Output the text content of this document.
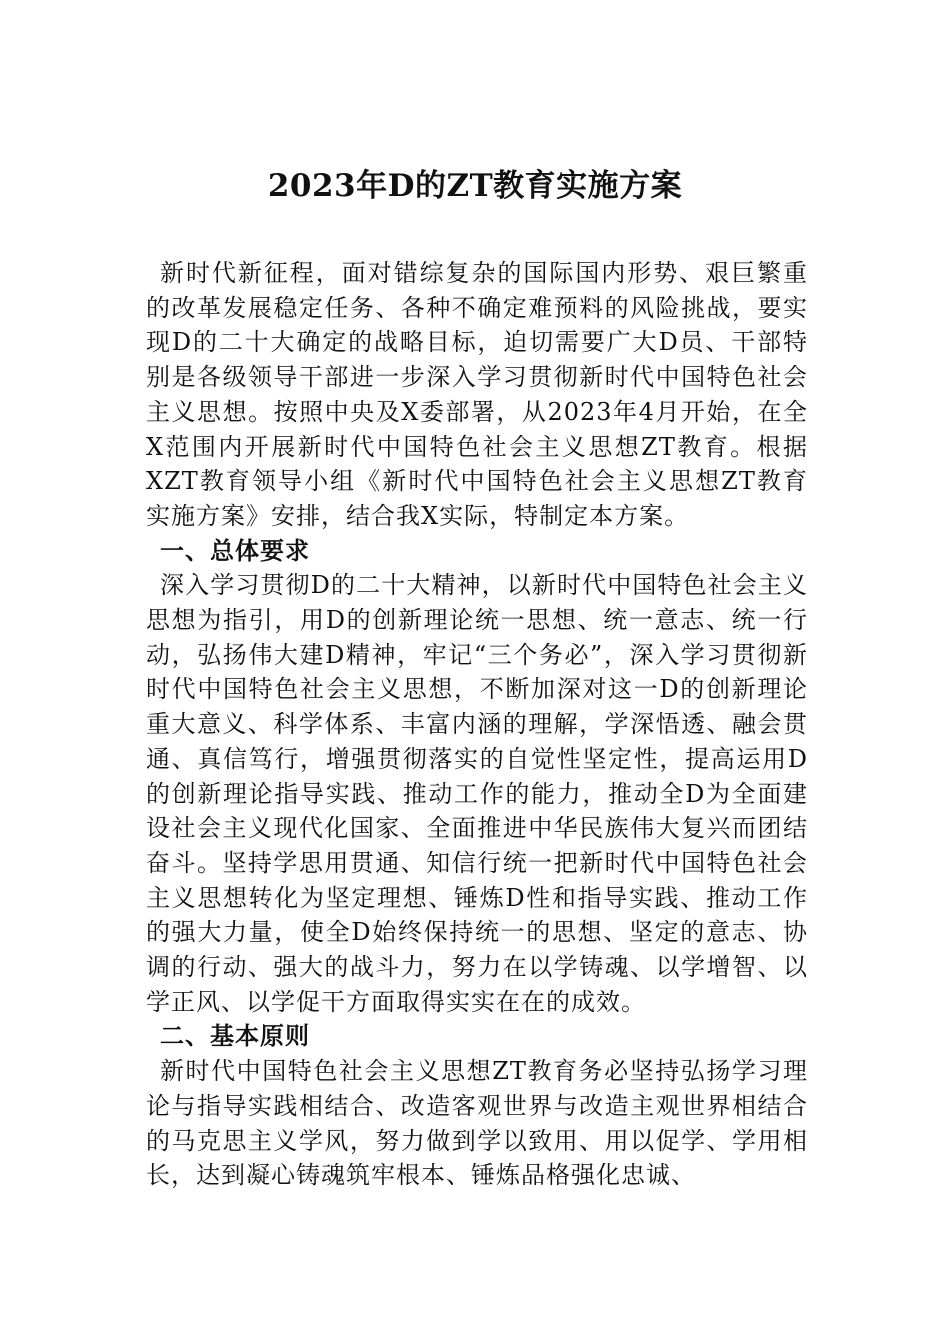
2023年D的ZT教育实施方案

新时代新征程，面对错综复杂的国际国内形势、艰巨繁重的改革发展稳定任务、各种不确定难预料的风险挑战，要实现D的二十大确定的战略目标，迫切需要广大D员、干部特别是各级领导干部进一步深入学习贯彻新时代中国特色社会主义思想。按照中央及X委部署，从2023年4月开始，在全X范围内开展新时代中国特色社会主义思想ZT教育。根据XZT教育领导小组《新时代中国特色社会主义思想ZT教育实施方案》安排，结合我X实际，特制定本方案。

一、总体要求

深入学习贯彻D的二十大精神，以新时代中国特色社会主义思想为指引，用D的创新理论统一思想、统一意志、统一行动，弘扬伟大建D精神，牢记“三个务必”，深入学习贯彻新时代中国特色社会主义思想，不断加深对这一D的创新理论重大意义、科学体系、丰富内涵的理解，学深悟透、融会贯通、真信笃行，增强贯彻落实的自觉性坚定性，提高运用D的创新理论指导实践、推动工作的能力，推动全D为全面建设社会主义现代化国家、全面推进中华民族伟大复兴而团结奋斗。坚持学思用贯通、知信行统一把新时代中国特色社会主义思想转化为坚定理想、锤炼D性和指导实践、推动工作的强大力量，使全D始终保持统一的思想、坚定的意志、协调的行动、强大的战斗力，努力在以学铸魂、以学增智、以学正风、以学促干方面取得实实在在的成效。

二、基本原则

新时代中国特色社会主义思想ZT教育务必坚持弘扬学习理论与指导实践相结合、改造客观世界与改造主观世界相结合的马克思主义学风，努力做到学以致用、用以促学、学用相长，达到凝心铸魂筑牢根本、锤炼品格强化忠诚、
